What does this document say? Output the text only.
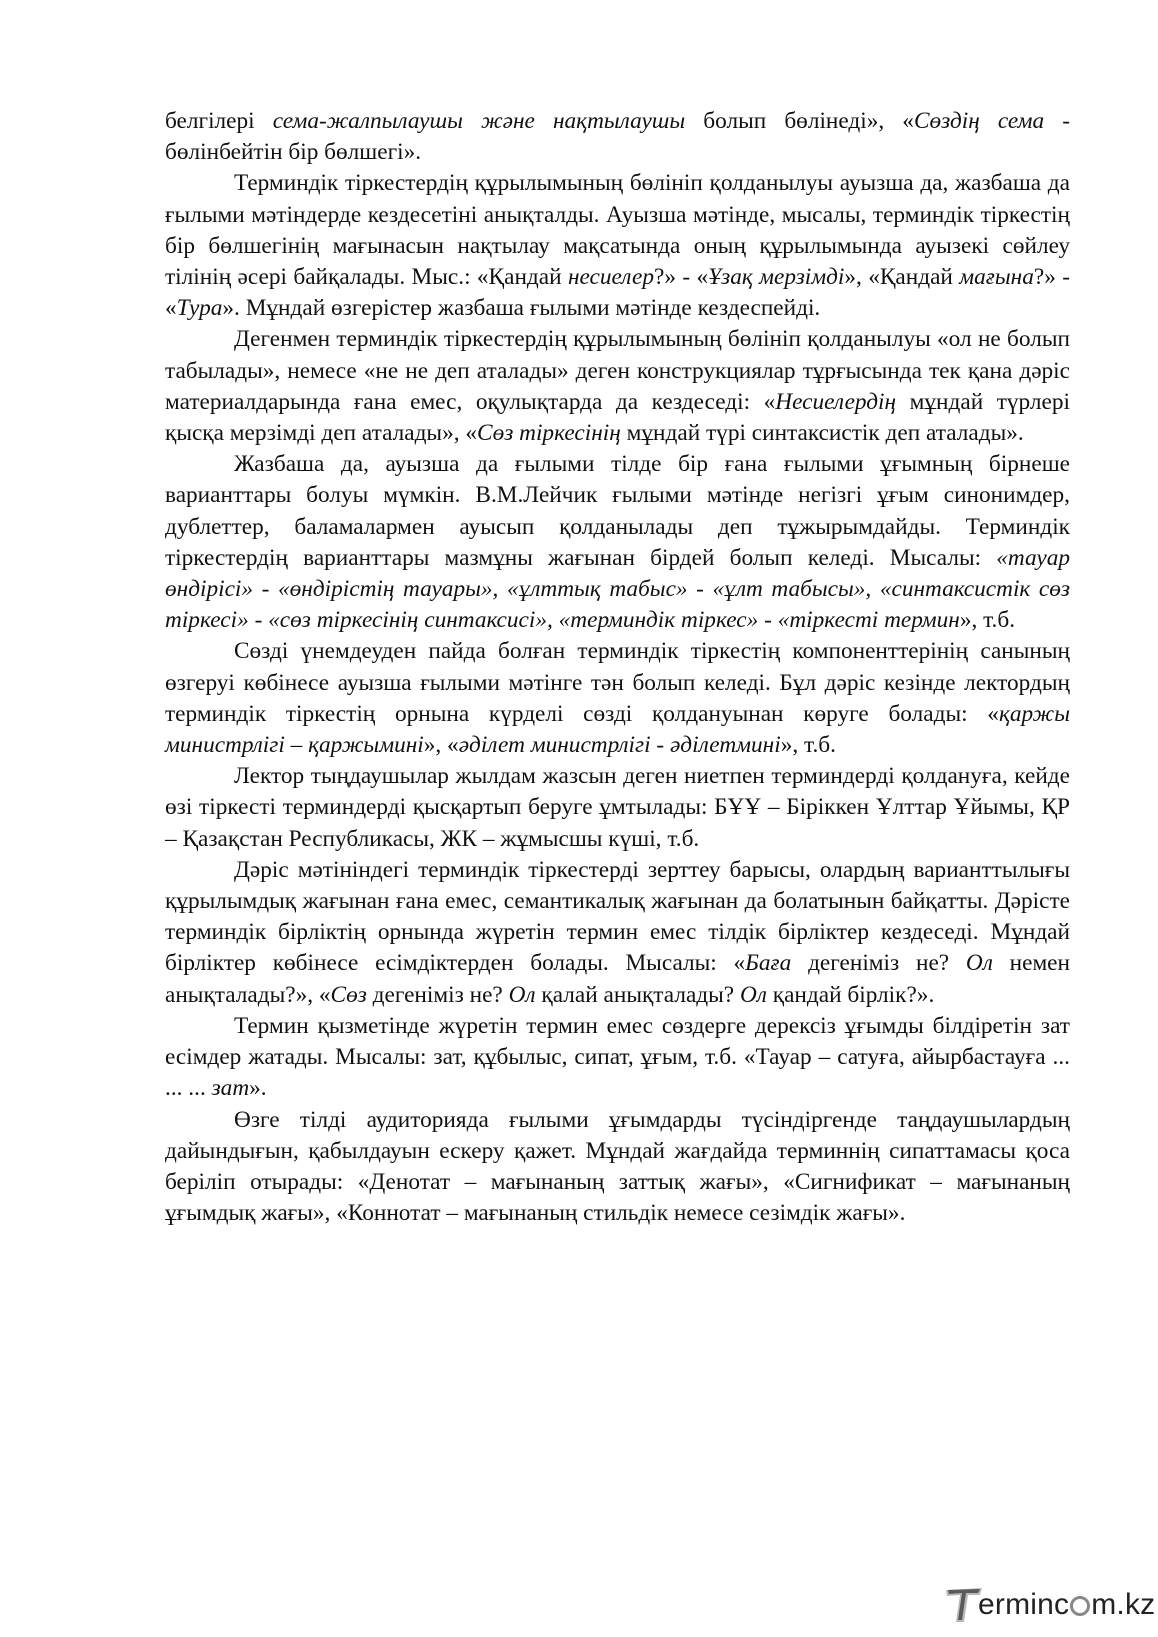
белгілері сема-жалпылаушы және нақтылаушы болып бөлінеді», «Сөздің сема - бөлінбейтін бір бөлшегі».

Терминдік тіркестердің құрылымының бөлініп қолданылуы ауызша да, жазбаша да ғылыми мәтіндерде кездесетіні анықталды. Ауызша мәтінде, мысалы, терминдік тіркестің бір бөлшегінің мағынасын нақтылау мақсатында оның құрылымында ауызекі сөйлеу тілінің әсері байқалады. Мыс.: «Қандай несиелер?» - «Ұзақ мерзімді», «Қандай мағына?» - «Тура». Мұндай өзгерістер жазбаша ғылыми мәтінде кездеспейді.

Дегенмен терминдік тіркестердің құрылымының бөлініп қолданылуы «ол не болып табылады», немесе «не не деп аталады» деген конструкциялар тұрғысында тек қана дәріс материалдарында ғана емес, оқулықтарда да кездеседі: «Несиелердің мұндай түрлері қысқа мерзімді деп аталады», «Сөз тіркесінің мұндай түрі синтаксистік деп аталады».

Жазбаша да, ауызша да ғылыми тілде бір ғана ғылыми ұғымның бірнеше варианттары болуы мүмкін. В.М.Лейчик ғылыми мәтінде негізгі ұғым синонимдер, дублеттер, баламалармен ауысып қолданылады деп тұжырымдайды. Терминдік тіркестердің варианттары мазмұны жағынан бірдей болып келеді. Мысалы: «тауар өндірісі» - «өндірістің тауары», «ұлттық табыс» - «ұлт табысы», «синтаксистік сөз тіркесі» - «сөз тіркесінің синтаксисі», «терминдік тіркес» - «тіркесті термин», т.б.

Сөзді үнемдеуден пайда болған терминдік тіркестің компоненттерінің санының өзгеруі көбінесе ауызша ғылыми мәтінге тән болып келеді. Бұл дәріс кезінде лектордың терминдік тіркестің орнына күрделі сөзді қолдануынан көруге болады: «қаржы министрлігі – қаржымині», «әділет министрлігі - әділетмині», т.б.

Лектор тыңдаушылар жылдам жазсын деген ниетпен терминдерді қолдануға, кейде өзі тіркесті терминдерді қысқартып беруге ұмтылады: БҰҰ – Біріккен Ұлттар Ұйымы, ҚР – Қазақстан Республикасы, ЖК – жұмысшы күші, т.б.

Дәріс мәтініндегі терминдік тіркестерді зерттеу барысы, олардың варианттылығы құрылымдық жағынан ғана емес, семантикалық жағынан да болатынын байқатты. Дәрісте терминдік бірліктің орнында жүретін термин емес тілдік бірліктер кездеседі. Мұндай бірліктер көбінесе есімдіктерден болады. Мысалы: «Баға дегеніміз не? Ол немен анықталады?», «Сөз дегеніміз не? Ол қалай анықталады? Ол қандай бірлік?».

Термин қызметінде жүретін термин емес сөздерге дерексіз ұғымды білдіретін зат есімдер жатады. Мысалы: зат, құбылыс, сипат, ұғым, т.б. «Тауар – сатуға, айырбастауға ... ... ... зат».

Өзге тілді аудиторияда ғылыми ұғымдарды түсіндіргенде таңдаушылардың дайындығын, қабылдауын ескеру қажет. Мұндай жағдайда терминнің сипаттамасы қоса беріліп отырады: «Денотат – мағынаның заттық жағы», «Сигнификат – мағынаның ұғымдық жағы», «Коннотат – мағынаның стильдік немесе сезімдік жағы».

erminc m.kz
